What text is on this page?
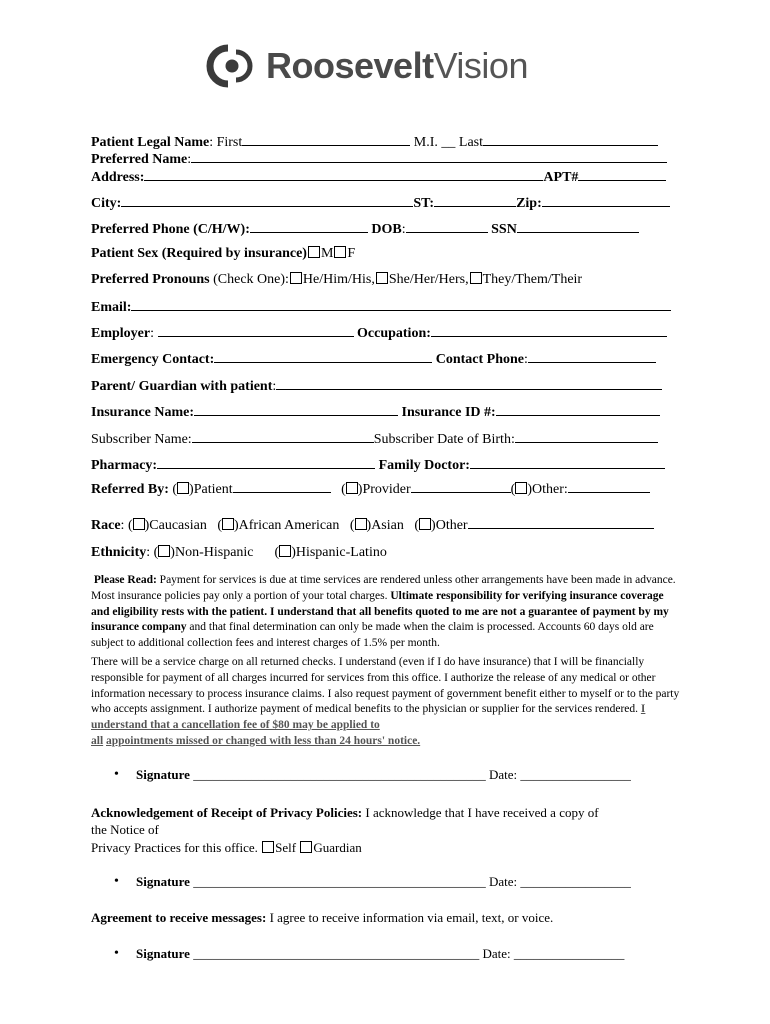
RooseveltVision
Patient Legal Name: First	M.I. __ Last
Preferred Name:
Address:	APT#
City:	ST:	Zip:
Preferred Phone (C/H/W):	DOB:	SSN
Patient Sex (Required by insurance) M F
Preferred Pronouns (Check One): He/Him/His, She/Her/Hers, They/Them/Their
Email:
Employer:	Occupation:
Emergency Contact:	Contact Phone:
Parent/ Guardian with patient:
Insurance Name:	Insurance ID #:
Subscriber Name:	Subscriber Date of Birth:
Pharmacy:	Family Doctor:
Referred By: ( )Patient	( )Provider	( )Other:
Race: ( )Caucasian ( )African American ( )Asian ( )Other
Ethnicity: ( )Non-Hispanic ( )Hispanic-Latino
Please Read: Payment for services is due at time services are rendered unless other arrangements have been made in advance. Most insurance policies pay only a portion of your total charges. Ultimate responsibility for verifying insurance coverage and eligibility rests with the patient. I understand that all benefits quoted to me are not a guarantee of payment by my insurance company and that final determination can only be made when the claim is processed. Accounts 60 days old are subject to additional collection fees and interest charges of 1.5% per month.
There will be a service charge on all returned checks. I understand (even if I do have insurance) that I will be financially responsible for payment of all charges incurred for services from this office. I authorize the release of any medical or other information necessary to process insurance claims. I also request payment of government benefit either to myself or to the party who accepts assignment. I authorize payment of medical benefits to the physician or supplier for the services rendered. I understand that a cancellation fee of $80 may be applied to
all appointments missed or changed with less than 24 hours' notice.
• Signature _____________________________________________ Date: _________________
Acknowledgement of Receipt of Privacy Policies: I acknowledge that I have received a copy of
the Notice of
Privacy Practices for this office. Self Guardian
• Signature _____________________________________________ Date: _________________
Agreement to receive messages: I agree to receive information via email, text, or voice.
• Signature ____________________________________________ Date: _________________
